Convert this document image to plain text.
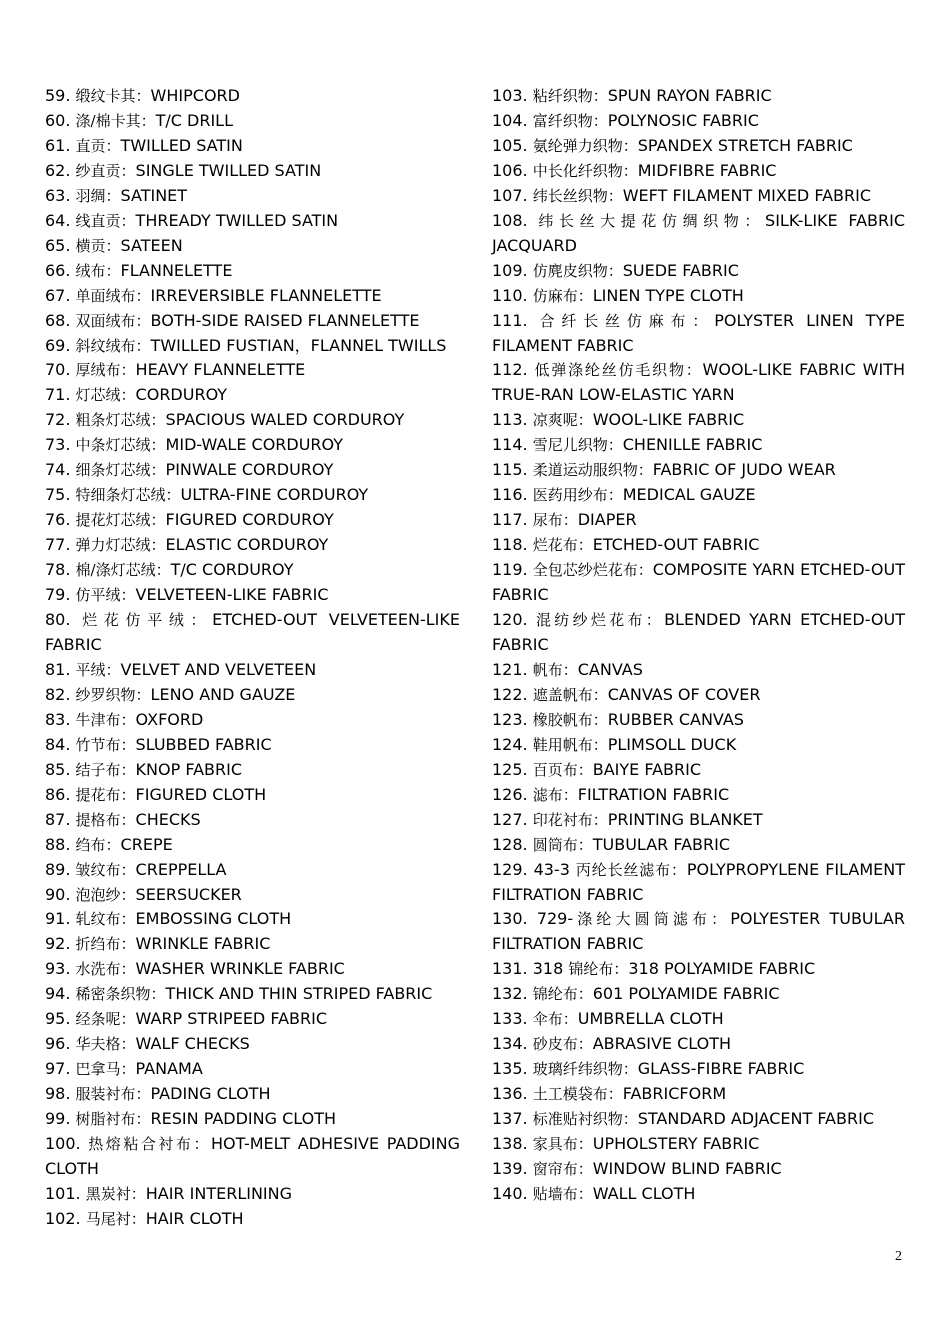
59. 缎纹卡其：WHIPCORD
60. 涤/棉卡其：T/C DRILL
61. 直贡：TWILLED SATIN
62. 纱直贡：SINGLE TWILLED SATIN
63. 羽绸：SATINET
64. 线直贡：THREADY TWILLED SATIN
65. 横贡：SATEEN
66. 绒布：FLANNELETTE
67. 单面绒布：IRREVERSIBLE FLANNELETTE
68. 双面绒布：BOTH-SIDE RAISED FLANNELETTE
69. 斜纹绒布：TWILLED FUSTIAN，FLANNEL TWILLS
70. 厚绒布：HEAVY FLANNELETTE
71. 灯芯绒：CORDUROY
72. 粗条灯芯绒：SPACIOUS WALED CORDUROY
73. 中条灯芯绒：MID-WALE CORDUROY
74. 细条灯芯绒：PINWALE CORDUROY
75. 特细条灯芯绒：ULTRA-FINE CORDUROY
76. 提花灯芯绒：FIGURED CORDUROY
77. 弹力灯芯绒：ELASTIC CORDUROY
78. 棉/涤灯芯绒：T/C CORDUROY
79. 仿平绒：VELVETEEN-LIKE FABRIC
80. 烂花仿平绒：ETCHED-OUT VELVETEEN-LIKE FABRIC
81. 平绒：VELVET AND VELVETEEN
82. 纱罗织物：LENO AND GAUZE
83. 牛津布：OXFORD
84. 竹节布：SLUBBED FABRIC
85. 结子布：KNOP FABRIC
86. 提花布：FIGURED CLOTH
87. 提格布：CHECKS
88. 绉布：CREPE
89. 皱纹布：CREPPELLA
90. 泡泡纱：SEERSUCKER
91. 轧纹布：EMBOSSING CLOTH
92. 折绉布：WRINKLE FABRIC
93. 水洗布：WASHER WRINKLE FABRIC
94. 稀密条织物：THICK AND THIN STRIPED FABRIC
95. 经条呢：WARP STRIPEED FABRIC
96. 华夫格：WALF CHECKS
97. 巴拿马：PANAMA
98. 服装衬布：PADING CLOTH
99. 树脂衬布：RESIN PADDING CLOTH
100. 热熔粘合衬布：HOT-MELT ADHESIVE PADDING CLOTH
101. 黑炭衬：HAIR INTERLINING
102. 马尾衬：HAIR CLOTH
103. 粘纤织物：SPUN RAYON FABRIC
104. 富纤织物：POLYNOSIC FABRIC
105. 氨纶弹力织物：SPANDEX STRETCH FABRIC
106. 中长化纤织物：MIDFIBRE FABRIC
107. 纬长丝织物：WEFT FILAMENT MIXED FABRIC
108. 纬长丝大提花仿绸织物：SILK-LIKE FABRIC JACQUARD
109. 仿麂皮织物：SUEDE FABRIC
110. 仿麻布：LINEN TYPE CLOTH
111. 合纤长丝仿麻布：POLYSTER LINEN TYPE FILAMENT FABRIC
112. 低弹涤纶丝仿毛织物：WOOL-LIKE FABRIC WITH TRUE-RAN LOW-ELASTIC YARN
113. 凉爽呢：WOOL-LIKE FABRIC
114. 雪尼儿织物：CHENILLE FABRIC
115. 柔道运动服织物：FABRIC OF JUDO WEAR
116. 医药用纱布：MEDICAL GAUZE
117. 尿布：DIAPER
118. 烂花布：ETCHED-OUT FABRIC
119. 全包芯纱烂花布：COMPOSITE YARN ETCHED-OUT FABRIC
120. 混纺纱烂花布：BLENDED YARN ETCHED-OUT FABRIC
121. 帆布：CANVAS
122. 遮盖帆布：CANVAS OF COVER
123. 橡胶帆布：RUBBER CANVAS
124. 鞋用帆布：PLIMSOLL DUCK
125. 百页布：BAIYE FABRIC
126. 滤布：FILTRATION FABRIC
127. 印花衬布：PRINTING BLANKET
128. 圆筒布：TUBULAR FABRIC
129. 43-3 丙纶长丝滤布：POLYPROPYLENE FILAMENT FILTRATION FABRIC
130. 729-涤纶大圆筒滤布：POLYESTER TUBULAR FILTRATION FABRIC
131. 318 锦纶布：318 POLYAMIDE FABRIC
132. 锦纶布：601 POLYAMIDE FABRIC
133. 伞布：UMBRELLA CLOTH
134. 砂皮布：ABRASIVE CLOTH
135. 玻璃纤纬织物：GLASS-FIBRE FABRIC
136. 土工模袋布：FABRICFORM
137. 标准贴衬织物：STANDARD ADJACENT FABRIC
138. 家具布：UPHOLSTERY FABRIC
139. 窗帘布：WINDOW BLIND FABRIC
140. 贴墙布：WALL CLOTH
2
